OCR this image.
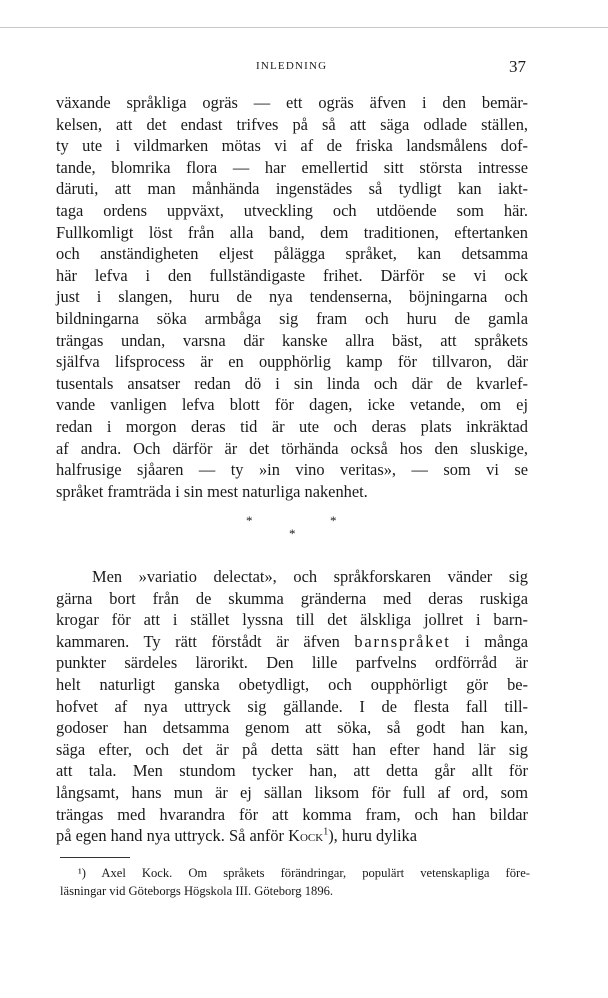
INLEDNING	37
växande språkliga ogräs — ett ogräs äfven i den bemär-
kelsen, att det endast trifves på så att säga odlade ställen,
ty ute i vildmarken mötas vi af de friska landsmålens dof-
tande, blomrika flora — har emellertid sitt största intresse
däruti, att man månhända ingenstädes så tydligt kan iakt-
taga ordens uppväxt, utveckling och utdöende som här.
Fullkomligt löst från alla band, dem traditionen, eftertanken
och anständigheten eljest pålägga språket, kan detsamma
här lefva i den fullständigaste frihet. Därför se vi ock
just i slangen, huru de nya tendenserna, böjningarna och
bildningarna söka armbåga sig fram och huru de gamla
trängas undan, varsna där kanske allra bäst, att språkets
själfva lifsprocess är en oupphörlig kamp för tillvaron, där
tusentals ansatser redan dö i sin linda och där de kvarlef-
vande vanligen lefva blott för dagen, icke vetande, om ej
redan i morgon deras tid är ute och deras plats inkräktad
af andra. Och därför är det törhända också hos den sluskige,
halfrusige sjåaren — ty »in vino veritas», — som vi se
språket framträda i sin mest naturliga nakenhet.
*	*
*
Men »variatio delectat», och språkforskaren vänder sig
gärna bort från de skumma gränderna med deras ruskiga
krogar för att i stället lyssna till det älskliga jollret i barn-
kammaren. Ty rätt förstådt är äfven barnspråket i många
punkter särdeles lärorikt. Den lille parfvelns ordförråd är
helt naturligt ganska obetydligt, och oupphörligt gör be-
hofvet af nya uttryck sig gällande. I de flesta fall till-
godoser han detsamma genom att söka, så godt han kan,
säga efter, och det är på detta sätt han efter hand lär sig
att tala. Men stundom tycker han, att detta går allt för
långsamt, hans mun är ej sällan liksom för full af ord, som
trängas med hvarandra för att komma fram, och han bildar
på egen hand nya uttryck. Så anför Kock$^1$), huru dylika
¹) Axel Kock. Om språkets förändringar, populärt vetenskapliga före-
läsningar vid Göteborgs Högskola III. Göteborg 1896.
